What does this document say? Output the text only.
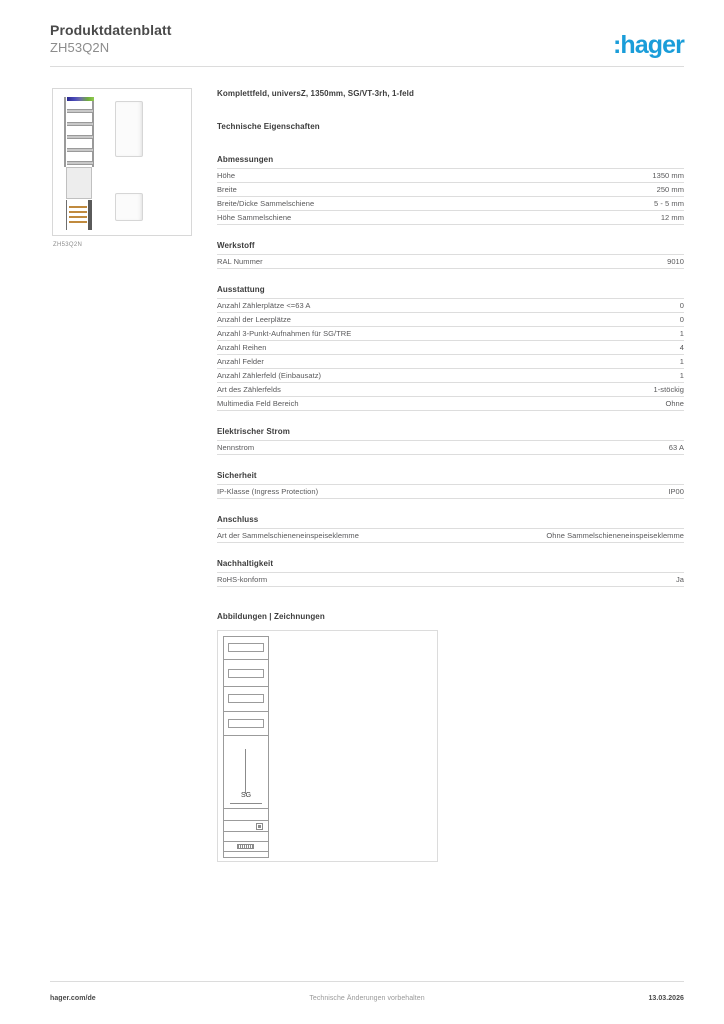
Produktdatenblatt
ZH53Q2N	:hager
ZH53Q2N
Komplettfeld, universZ, 1350mm, SG/VT-3rh, 1-feld
Technische Eigenschaften
Abmessungen
Höhe	1350 mm
Breite	250 mm
Breite/Dicke Sammelschiene	5 - 5 mm
Höhe Sammelschiene	12 mm
Werkstoff
RAL Nummer	9010
Ausstattung
Anzahl Zählerplätze <=63 A	0
Anzahl der Leerplätze	0
Anzahl 3-Punkt-Aufnahmen für SG/TRE	1
Anzahl Reihen	4
Anzahl Felder	1
Anzahl Zählerfeld (Einbausatz)	1
Art des Zählerfelds	1-stöckig
Multimedia Feld Bereich	Ohne
Elektrischer Strom
Nennstrom	63 A
Sicherheit
IP-Klasse (Ingress Protection)	IP00
Anschluss
Art der Sammelschieneneinspeiseklemme	Ohne Sammelschieneneinspeiseklemme
Nachhaltigkeit
RoHS-konform	Ja
Abbildungen | Zeichnungen
SG
Technische Änderungen vorbehalten
hager.com/de	13.03.2026
